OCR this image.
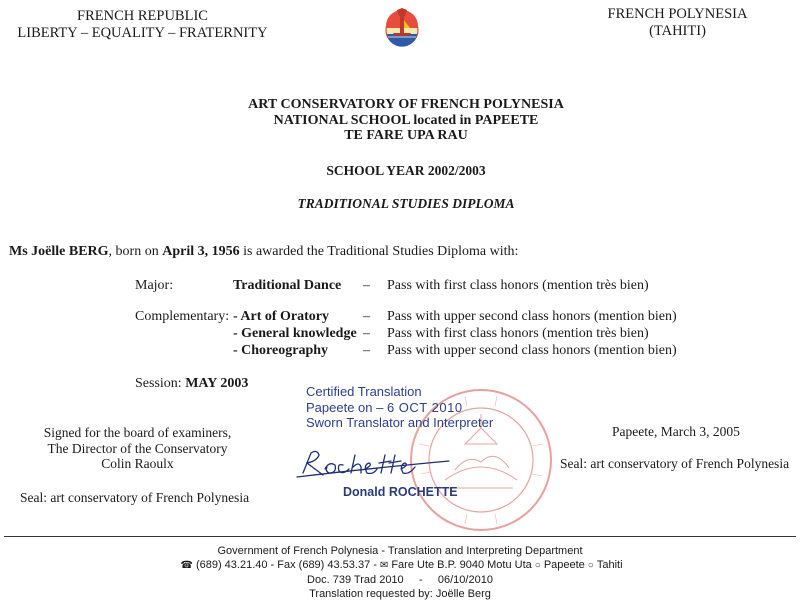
FRENCH REPUBLIC
LIBERTY – EQUALITY – FRATERNITY
FRENCH POLYNESIA
(TAHITI)
ART CONSERVATORY OF FRENCH POLYNESIA
NATIONAL SCHOOL located in PAPEETE
TE FARE UPA RAU
SCHOOL YEAR 2002/2003
TRADITIONAL STUDIES DIPLOMA
Ms Joëlle BERG, born on April 3, 1956 is awarded the Traditional Studies Diploma with:
Major:	Traditional Dance – Pass with first class honors (mention très bien)
Complementary: - Art of Oratory – Pass with upper second class honors (mention bien)
- General knowledge – Pass with first class honors (mention très bien)
- Choreography – Pass with upper second class honors (mention bien)
Session: MAY 2003
Signed for the board of examiners,
The Director of the Conservatory
Colin Raoulx
Seal: art conservatory of French Polynesia
Papeete, March 3, 2005
Seal: art conservatory of French Polynesia
Certified Translation
Papeete on – 6 OCT 2010
Sworn Translator and Interpreter
Donald ROCHETTE
Government of French Polynesia - Translation and Interpreting Department
☎ (689) 43.21.40 - Fax (689) 43.53.37 - ✉ Fare Ute B.P. 9040 Motu Uta ○ Papeete ○ Tahiti
Doc. 739 Trad 2010     -     06/10/2010
Translation requested by: Joëlle Berg
